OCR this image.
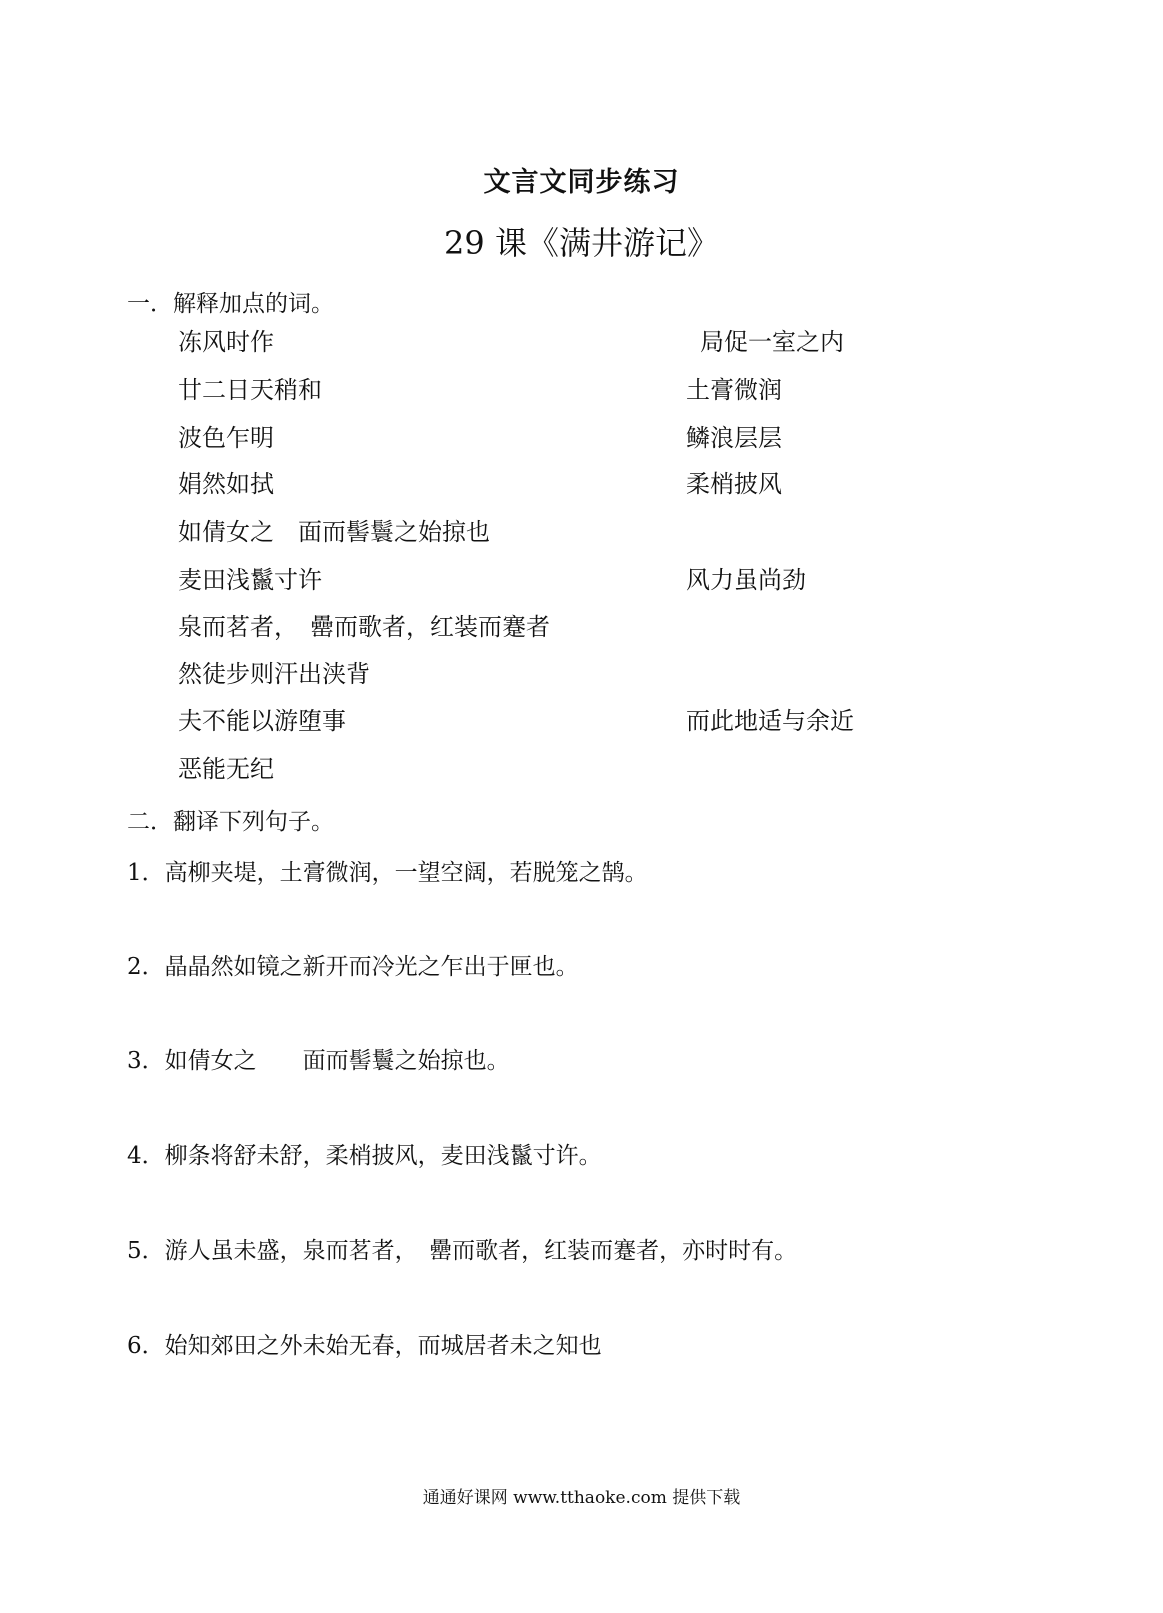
文言文同步练习
29 课《满井游记》
一．解释加点的词。
冻风时作	局促一室之内
廿二日天稍和	土膏微润
波色乍明	鳞浪层层
娟然如拭	柔梢披风
如倩女之　面而髻鬟之始掠也
麦田浅鬣寸许	风力虽尚劲
泉而茗者，　罍而歌者，红装而蹇者
然徒步则汗出浃背
夫不能以游堕事	而此地适与余近
恶能无纪
二．翻译下列句子。
1．高柳夹堤，土膏微润，一望空阔，若脱笼之鹄。
2．晶晶然如镜之新开而冷光之乍出于匣也。
3．如倩女之　　面而髻鬟之始掠也。
4．柳条将舒未舒，柔梢披风，麦田浅鬣寸许。
5．游人虽未盛，泉而茗者，　罍而歌者，红装而蹇者，亦时时有。
6．始知郊田之外未始无春，而城居者未之知也
通通好课网 www.tthaoke.com 提供下载
